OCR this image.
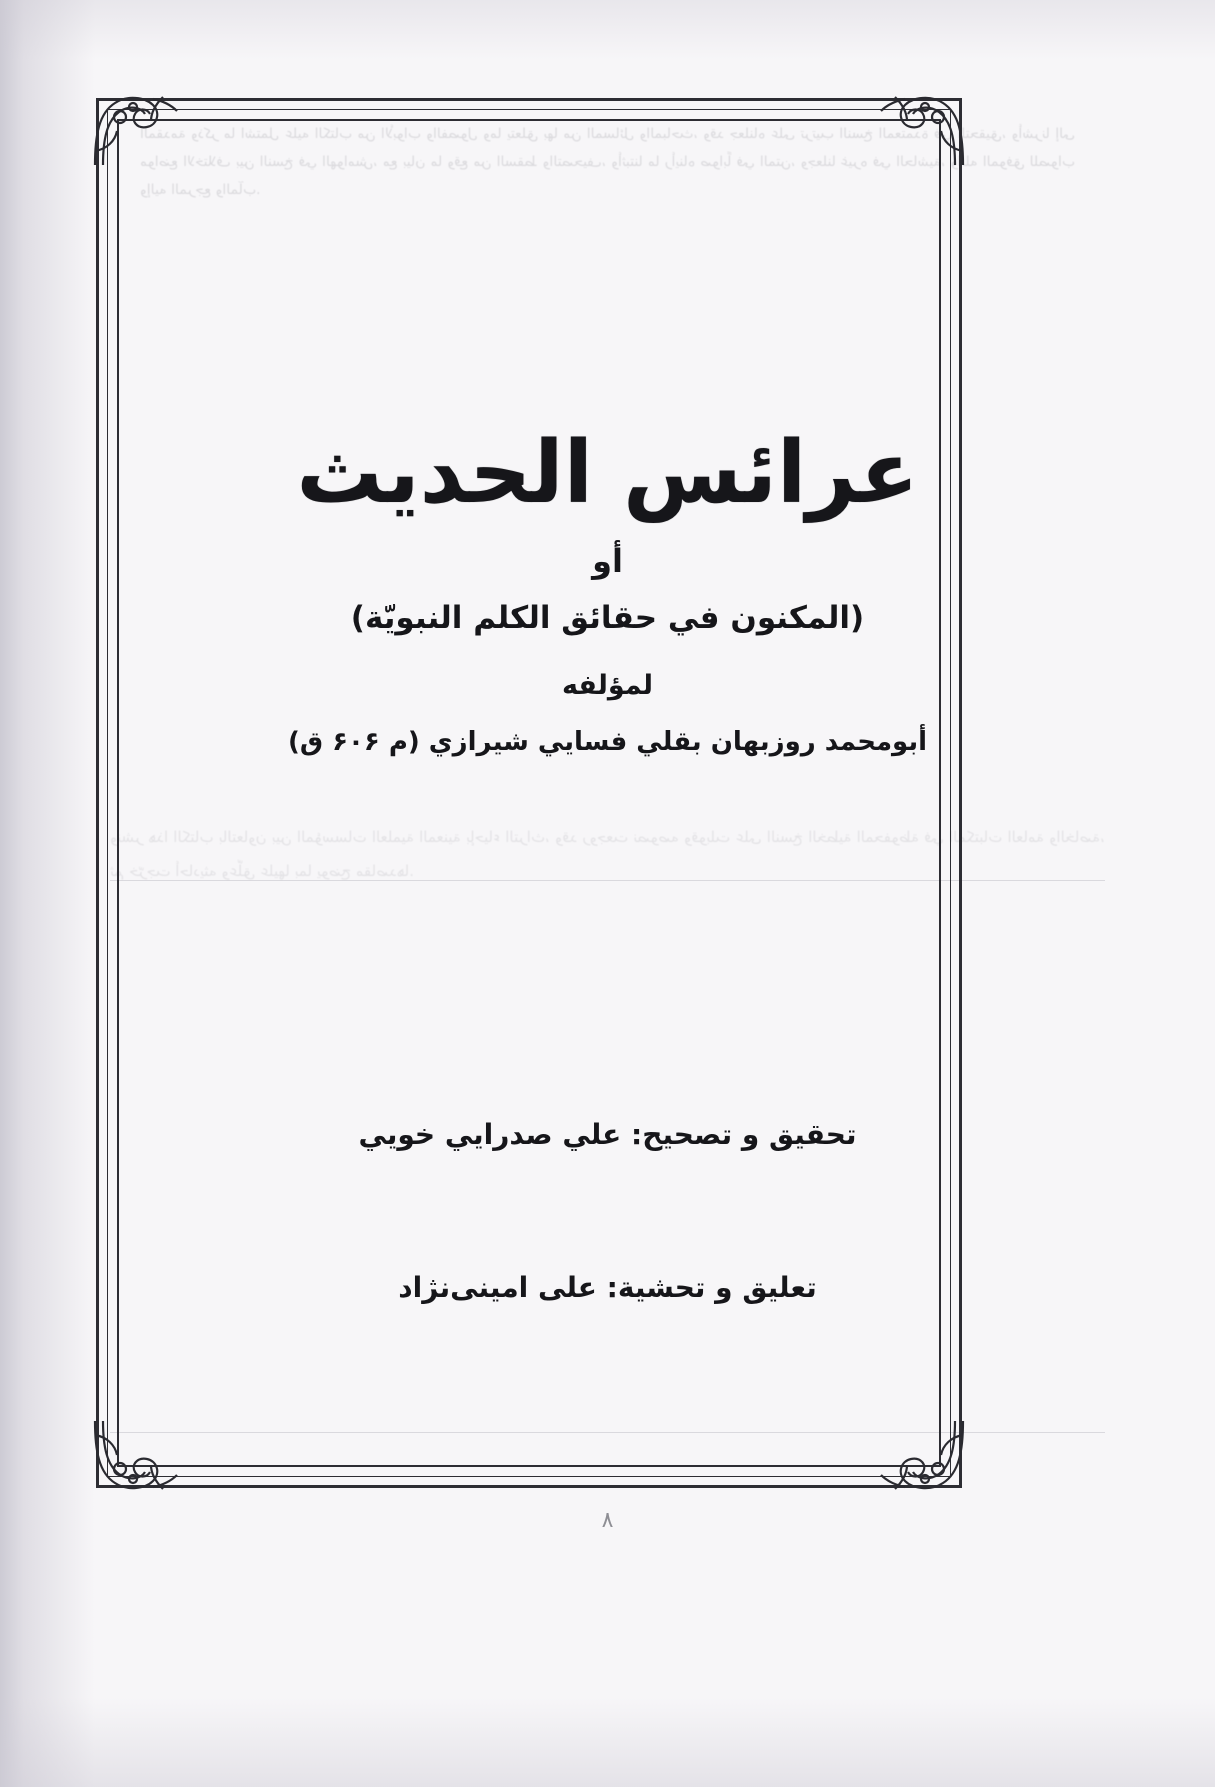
المقدمة وذكر ما اشتمل عليه الكتاب من الأبواب والفصول وما يتعلق بها من المسائل والمباحث، وقد جعلناه على ترتيب النسخ المعتمدة في التحقيق، وأشرنا إلى مواضع الاختلاف بين النسخ في الهوامش، مع بيان ما وقع من السقط والتصحيف، وأثبتنا ما رأيناه صواباً في المتن، وجعلنا غيره في الحاشية، والله الموفق للصواب وإليه المرجع والمآب.
ونشر هذا الكتاب بالتعاون بين المؤسسات العلمية المعنية بإحياء التراث، وقد روجعت نصوصه وقوبلت على النسخ الخطية المحفوظة في المكتبات العامة والخاصة، ثم خرّجت أحاديثه وعلّق عليها بما يوضح مقاصدها.
عرائس الحديث
أو
(المكنون في حقائق الكلم النبويّة)
لمؤلفه
أبومحمد روزبهان بقلي فسايي شيرازي (م ۶۰۶ ق)
تحقيق و تصحيح: علي صدرايي خويي
تعليق و تحشية: علی امینی‌نژاد
۸
